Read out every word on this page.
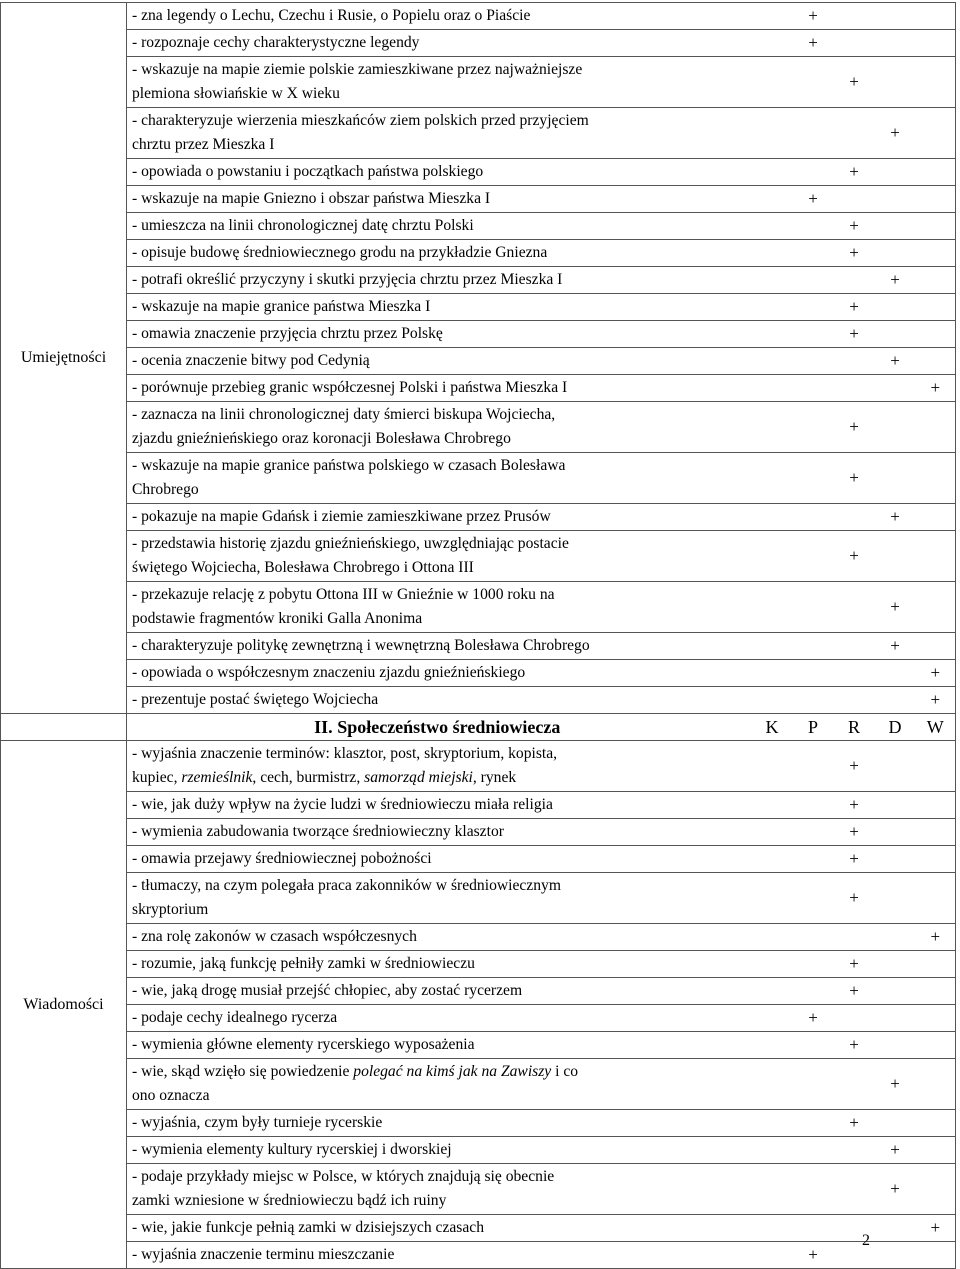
Umiejętności	- zna legendy o Lechu, Czechu i Rusie, o Popielu oraz o Piaście		+			
	- rozpoznaje cechy charakterystyczne legendy		+			
	- wskazuje na mapie ziemie polskie zamieszkiwane przez najważniejsze
plemiona słowiańskie w X wieku			+		
	- charakteryzuje wierzenia mieszkańców ziem polskich przed przyjęciem
chrztu przez Mieszka I				+	
	- opowiada o powstaniu i początkach państwa polskiego			+		
	- wskazuje na mapie Gniezno i obszar państwa Mieszka I		+			
	- umieszcza na linii chronologicznej datę chrztu Polski			+		
	- opisuje budowę średniowiecznego grodu na przykładzie Gniezna			+		
	- potrafi określić przyczyny i skutki przyjęcia chrztu przez Mieszka I				+	
	- wskazuje na mapie granice państwa Mieszka I			+		
	- omawia znaczenie przyjęcia chrztu przez Polskę			+		
	- ocenia znaczenie bitwy pod Cedynią				+	
	- porównuje przebieg granic współczesnej Polski i państwa Mieszka I					+
	- zaznacza na linii chronologicznej daty śmierci biskupa Wojciecha,
zjazdu gnieźnieńskiego oraz koronacji Bolesława Chrobrego			+		
	- wskazuje na mapie granice państwa polskiego w czasach Bolesława
Chrobrego			+		
	- pokazuje na mapie Gdańsk i ziemie zamieszkiwane przez Prusów				+	
	- przedstawia historię zjazdu gnieźnieńskiego, uwzględniając postacie
świętego Wojciecha, Bolesława Chrobrego i Ottona III			+		
	- przekazuje relację z pobytu Ottona III w Gnieźnie w 1000 roku na
podstawie fragmentów kroniki Galla Anonima				+	
	- charakteryzuje politykę zewnętrzną i wewnętrzną Bolesława Chrobrego				+	
	- opowiada o współczesnym znaczeniu zjazdu gnieźnieńskiego					+
	- prezentuje postać świętego Wojciecha					+
	II. Społeczeństwo średniowiecza	K	P	R	D	W
Wiadomości	- wyjaśnia znaczenie terminów: klasztor, post, skryptorium, kopista,
kupiec, rzemieślnik, cech, burmistrz, samorząd miejski, rynek			+		
	- wie, jak duży wpływ na życie ludzi w średniowieczu miała religia			+		
	- wymienia zabudowania tworzące średniowieczny klasztor			+		
	- omawia przejawy średniowiecznej pobożności			+		
	- tłumaczy, na czym polegała praca zakonników w średniowiecznym
skryptorium			+		
	- zna rolę zakonów w czasach współczesnych					+
	- rozumie, jaką funkcję pełniły zamki w średniowieczu			+		
	- wie, jaką drogę musiał przejść chłopiec, aby zostać rycerzem			+		
	- podaje cechy idealnego rycerza		+			
	- wymienia główne elementy rycerskiego wyposażenia			+		
	- wie, skąd wzięło się powiedzenie polegać na kimś jak na Zawiszy i co
ono oznacza				+	
	- wyjaśnia, czym były turnieje rycerskie			+		
	- wymienia elementy kultury rycerskiej i dworskiej				+	
	- podaje przykłady miejsc w Polsce, w których znajdują się obecnie
zamki wzniesione w średniowieczu bądź ich ruiny				+	
	- wie, jakie funkcje pełnią zamki w dzisiejszych czasach					+
	- wyjaśnia znaczenie terminu mieszczanie		+			
2
